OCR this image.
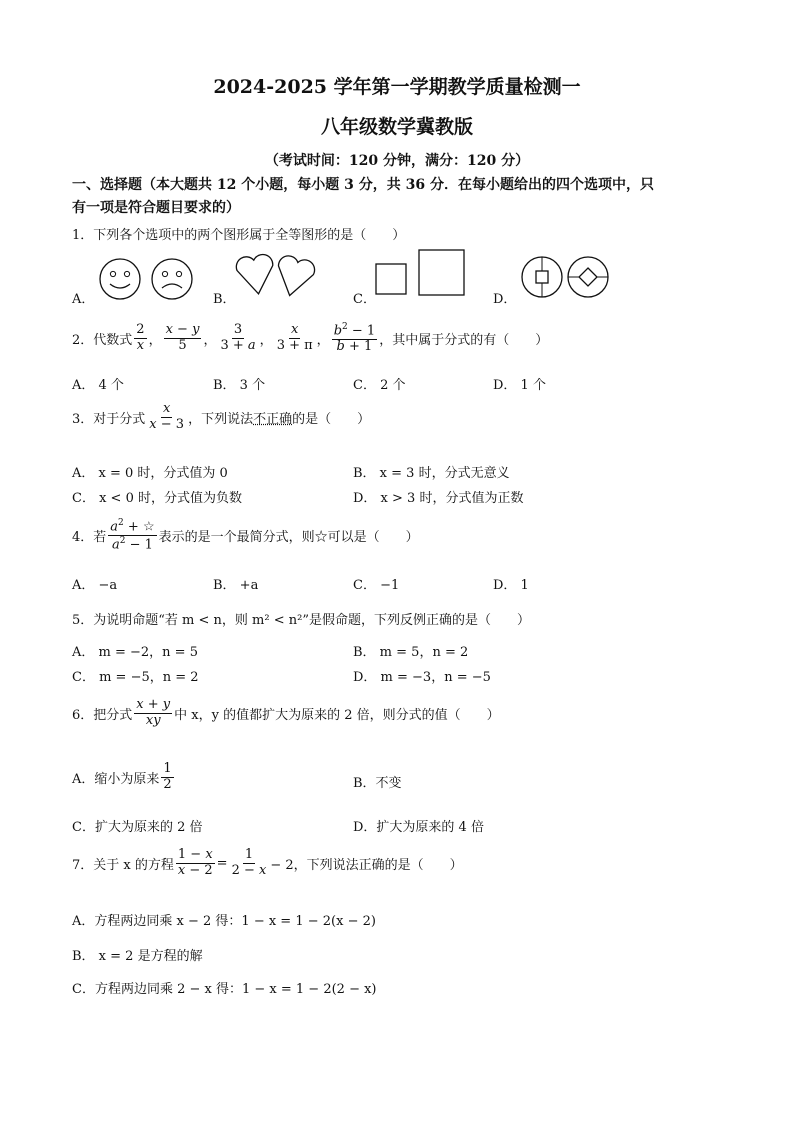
2024-2025 学年第一学期教学质量检测一
八年级数学冀教版
（考试时间：120 分钟，满分：120 分）
一、选择题（本大题共 12 个小题，每小题 3 分，共 36 分．在每小题给出的四个选项中，只
有一项是符合题目要求的）
1．下列各个选项中的两个图形属于全等图形的是（　　）
A．	B．	C．	D．
2．代数式 $\frac{2}{x}$ ， $\frac{x - y}{5}$ ， $\frac{3}{3 + a}$ ， $\frac{x}{3 + \pi}$ ， $\frac{b^2 - 1}{b + 1}$ ，其中属于分式的有（　　）
A． 4 个	B． 3 个	C． 2 个	D． 1 个
3．对于分式 $\frac{x}{x - 3}$ ，下列说法 不正确 的是（　　）
A． x = 0 时，分式值为 0	B． x = 3 时，分式无意义
C． x < 0 时，分式值为负数	D． x > 3 时，分式值为正数
4．若 $\frac{a^2 + ☆}{a^2 - 1}$ 表示的是一个最简分式，则☆可以是（　　）
A． −a	B． +a	C． −1	D． 1
5．为说明命题“若 m < n，则 m² < n²”是假命题，下列反例正确的是（　　）
A． m = −2，n = 5	B． m = 5，n = 2
C． m = −5，n = 2	D． m = −3，n = −5
6．把分式 $\frac{x + y}{xy}$ 中 x，y 的值都扩大为原来的 2 倍，则分式的值（　　）
A．缩小为原来 $\frac{1}{2}$	B．不变
C．扩大为原来的 2 倍	D．扩大为原来的 4 倍
7．关于 x 的方程 $\frac{1 - x}{x - 2} = \frac{1}{2 - x} - 2$，下列说法正确的是（　　）
A．方程两边同乘 x − 2 得：1 − x = 1 − 2(x − 2)
B． x = 2 是方程的解
C．方程两边同乘 2 − x 得：1 − x = 1 − 2(2 − x)
